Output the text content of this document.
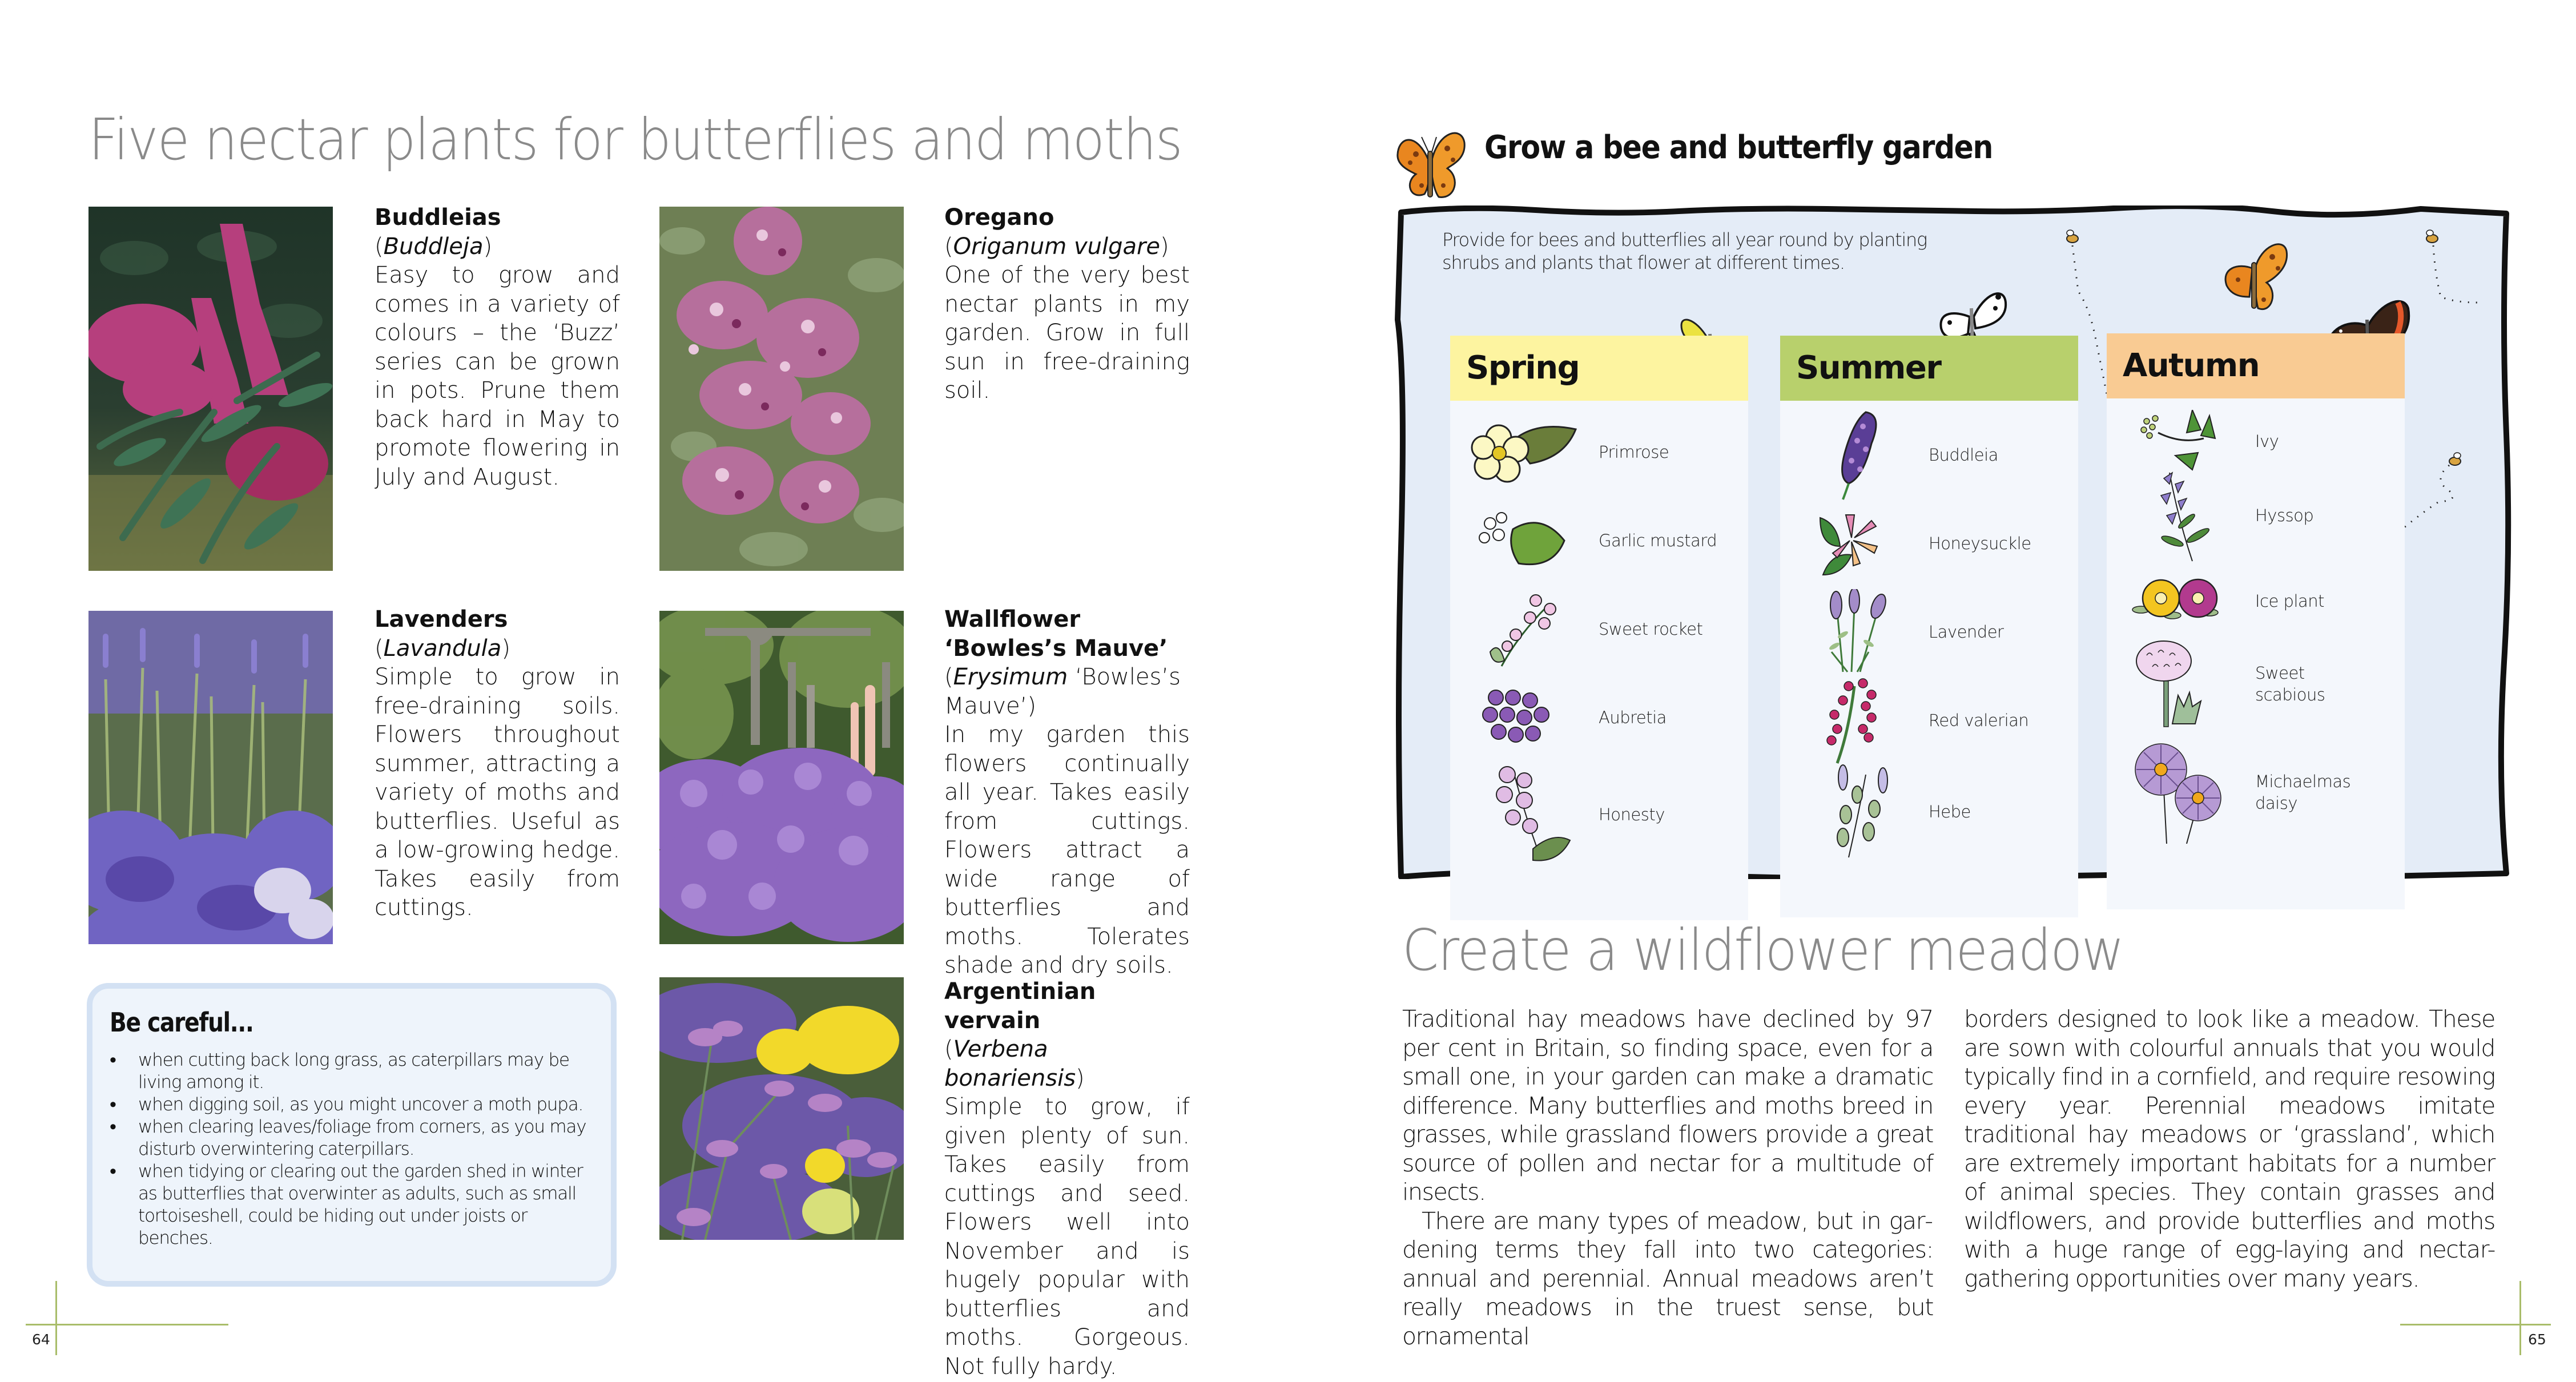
Five nectar plants for butterflies and moths
Buddleias
(Buddleja)
Easy to grow and comes in a variety of colours – the ‘Buzz’ series can be grown in pots. Prune them back hard in May to promote flowering in July and August.
Oregano
(Origanum vulgare)
One of the very best nectar plants in my garden. Grow in full sun in free-draining soil.
Lavenders
(Lavandula)
Simple to grow in free-draining soils. Flowers throughout summer, attracting a variety of moths and butterflies. Useful as a low-growing hedge. Takes easily from cuttings.
Wallflower ‘Bowles’s Mauve’
(Erysimum ‘Bowles’s Mauve’)
In my garden this flowers continually all year. Takes easily from cuttings. Flowers attract a wide range of butterflies and moths. Tolerates shade and dry soils.
Argentinian vervain
(Verbena bonariensis)
Simple to grow, if given plenty of sun. Takes easily from cuttings and seed. Flowers well into November and is hugely popular with butterflies and moths. Gorgeous. Not fully hardy.
Be careful...
• when cutting back long grass, as caterpillars may be living among it.
• when digging soil, as you might uncover a moth pupa.
• when clearing leaves/foliage from corners, as you may disturb overwintering caterpillars.
• when tidying or clearing out the garden shed in winter as butterflies that overwinter as adults, such as small tortoiseshell, could be hiding out under joists or benches.
64
Grow a bee and butterfly garden
Provide for bees and butterflies all year round by planting shrubs and plants that flower at different times.
Spring
Primrose
Garlic mustard
Sweet rocket
Aubretia
Honesty
Summer
Buddleia
Honeysuckle
Lavender
Red valerian
Hebe
Autumn
Ivy
Hyssop
Ice plant
Sweet scabious
Michaelmas daisy
Create a wildflower meadow

Traditional hay meadows have declined by 97 per cent in Britain, so finding space, even for a small one, in your garden can make a dramatic difference. Many butterflies and moths breed in grasses, while grassland flowers provide a great source of pollen and nectar for a multitude of insects.

There are many types of meadow, but in gardening terms they fall into two categories: annual and perennial. Annual meadows aren’t really meadows in the truest sense, but ornamental

borders designed to look like a meadow. These are sown with colourful annuals that you would typically find in a cornfield, and require resowing every year. Perennial meadows imitate traditional hay meadows or ‘grassland’, which are extremely important habitats for a number of animal species. They contain grasses and wildflowers, and provide butterflies and moths with a huge range of egg-laying and nectar-gathering opportunities over many years.

65
